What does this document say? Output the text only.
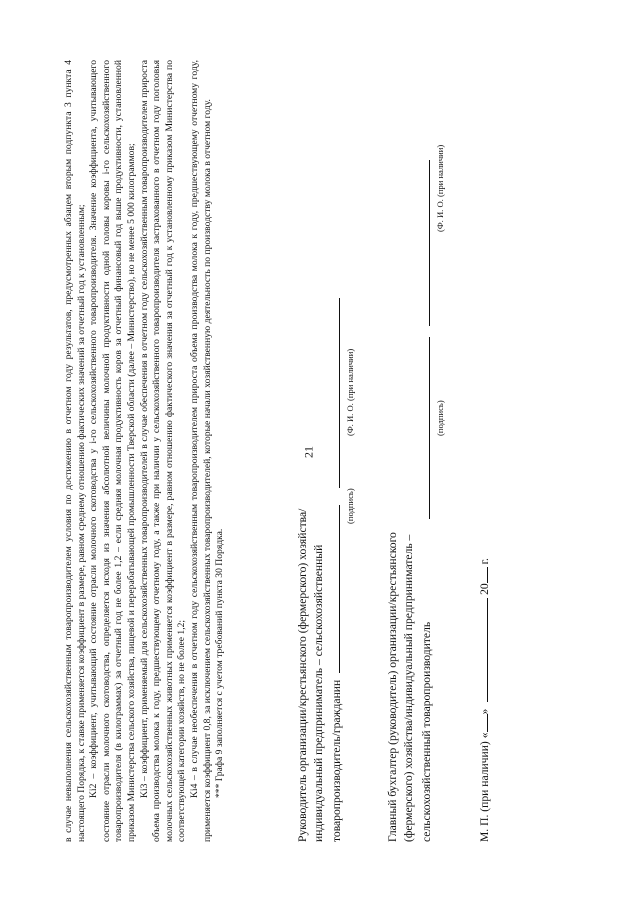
21

в случае невыполнения сельскохозяйственным товаропроизводителем условия по достижению в отчетном году результатов, предусмотренных абзацем вторым подпункта 3 пункта 4 настоящего Порядка, к ставке применяется коэффициент в размере, равном среднему отношению фактических значений за отчетный год к установленным; Ki2 – коэффициент, учитывающий состояние отрасли молочного скотоводства у i-го сельскохозяйственного товаропроизводителя. Значение коэффициента, учитывающего состояние отрасли молочного скотоводства, определяется исходя из значения абсолютной величины молочной продуктивности одной головы коровы i-го сельскохозяйственного товаропроизводителя (в килограммах) за отчетный год не более 1,2 – если средняя молочная продуктивность коров за отчетный финансовый год выше продуктивности, установленной приказом Министерства сельского хозяйства, пищевой и перерабатывающей промышленности Тверской области (далее – Министерство), но не менее 5 000 килограммов; Ki3 – коэффициент, применяемый для сельскохозяйственных товаропроизводителей в случае обеспечения в отчетном году сельскохозяйственным товаропроизводителем прироста объема производства молока к году, предшествующему отчетному году, а также при наличии у сельскохозяйственного товаропроизводителя застрахованного в отчетном году поголовья молочных сельскохозяйственных животных применяется коэффициент в размере, равном отношению фактического значения за отчетный год к установленному приказом Министерства по соответствующей категории хозяйств, но не более 1,2; Ki4 – в случае необеспечения в отчетном году сельскохозяйственным товаропроизводителем прироста объема производства молока к году, предшествующему отчетному году, применяется коэффициент 0,8, за исключением сельскохозяйственных товаропроизводителей, которые начали хозяйственную деятельность по производству молока в отчетном году. *** Графа 9 заполняется с учетом требований пункта 30 Порядка.	Руководитель организации/крестьянского (фермерского) хозяйства/ индивидуальный предприниматель – сельскохозяйственный товаропроизводитель/гражданин
(подпись)
(Ф. И. О. (при наличии)
Главный бухгалтер (руководитель) организации/крестьянского (фермерского) хозяйства/индивидуальный предприниматель – сельскохозяйственный товаропроизводитель
(подпись)
(Ф. И. О. (при наличии)
М. П. (при наличии) «»  20 г.
